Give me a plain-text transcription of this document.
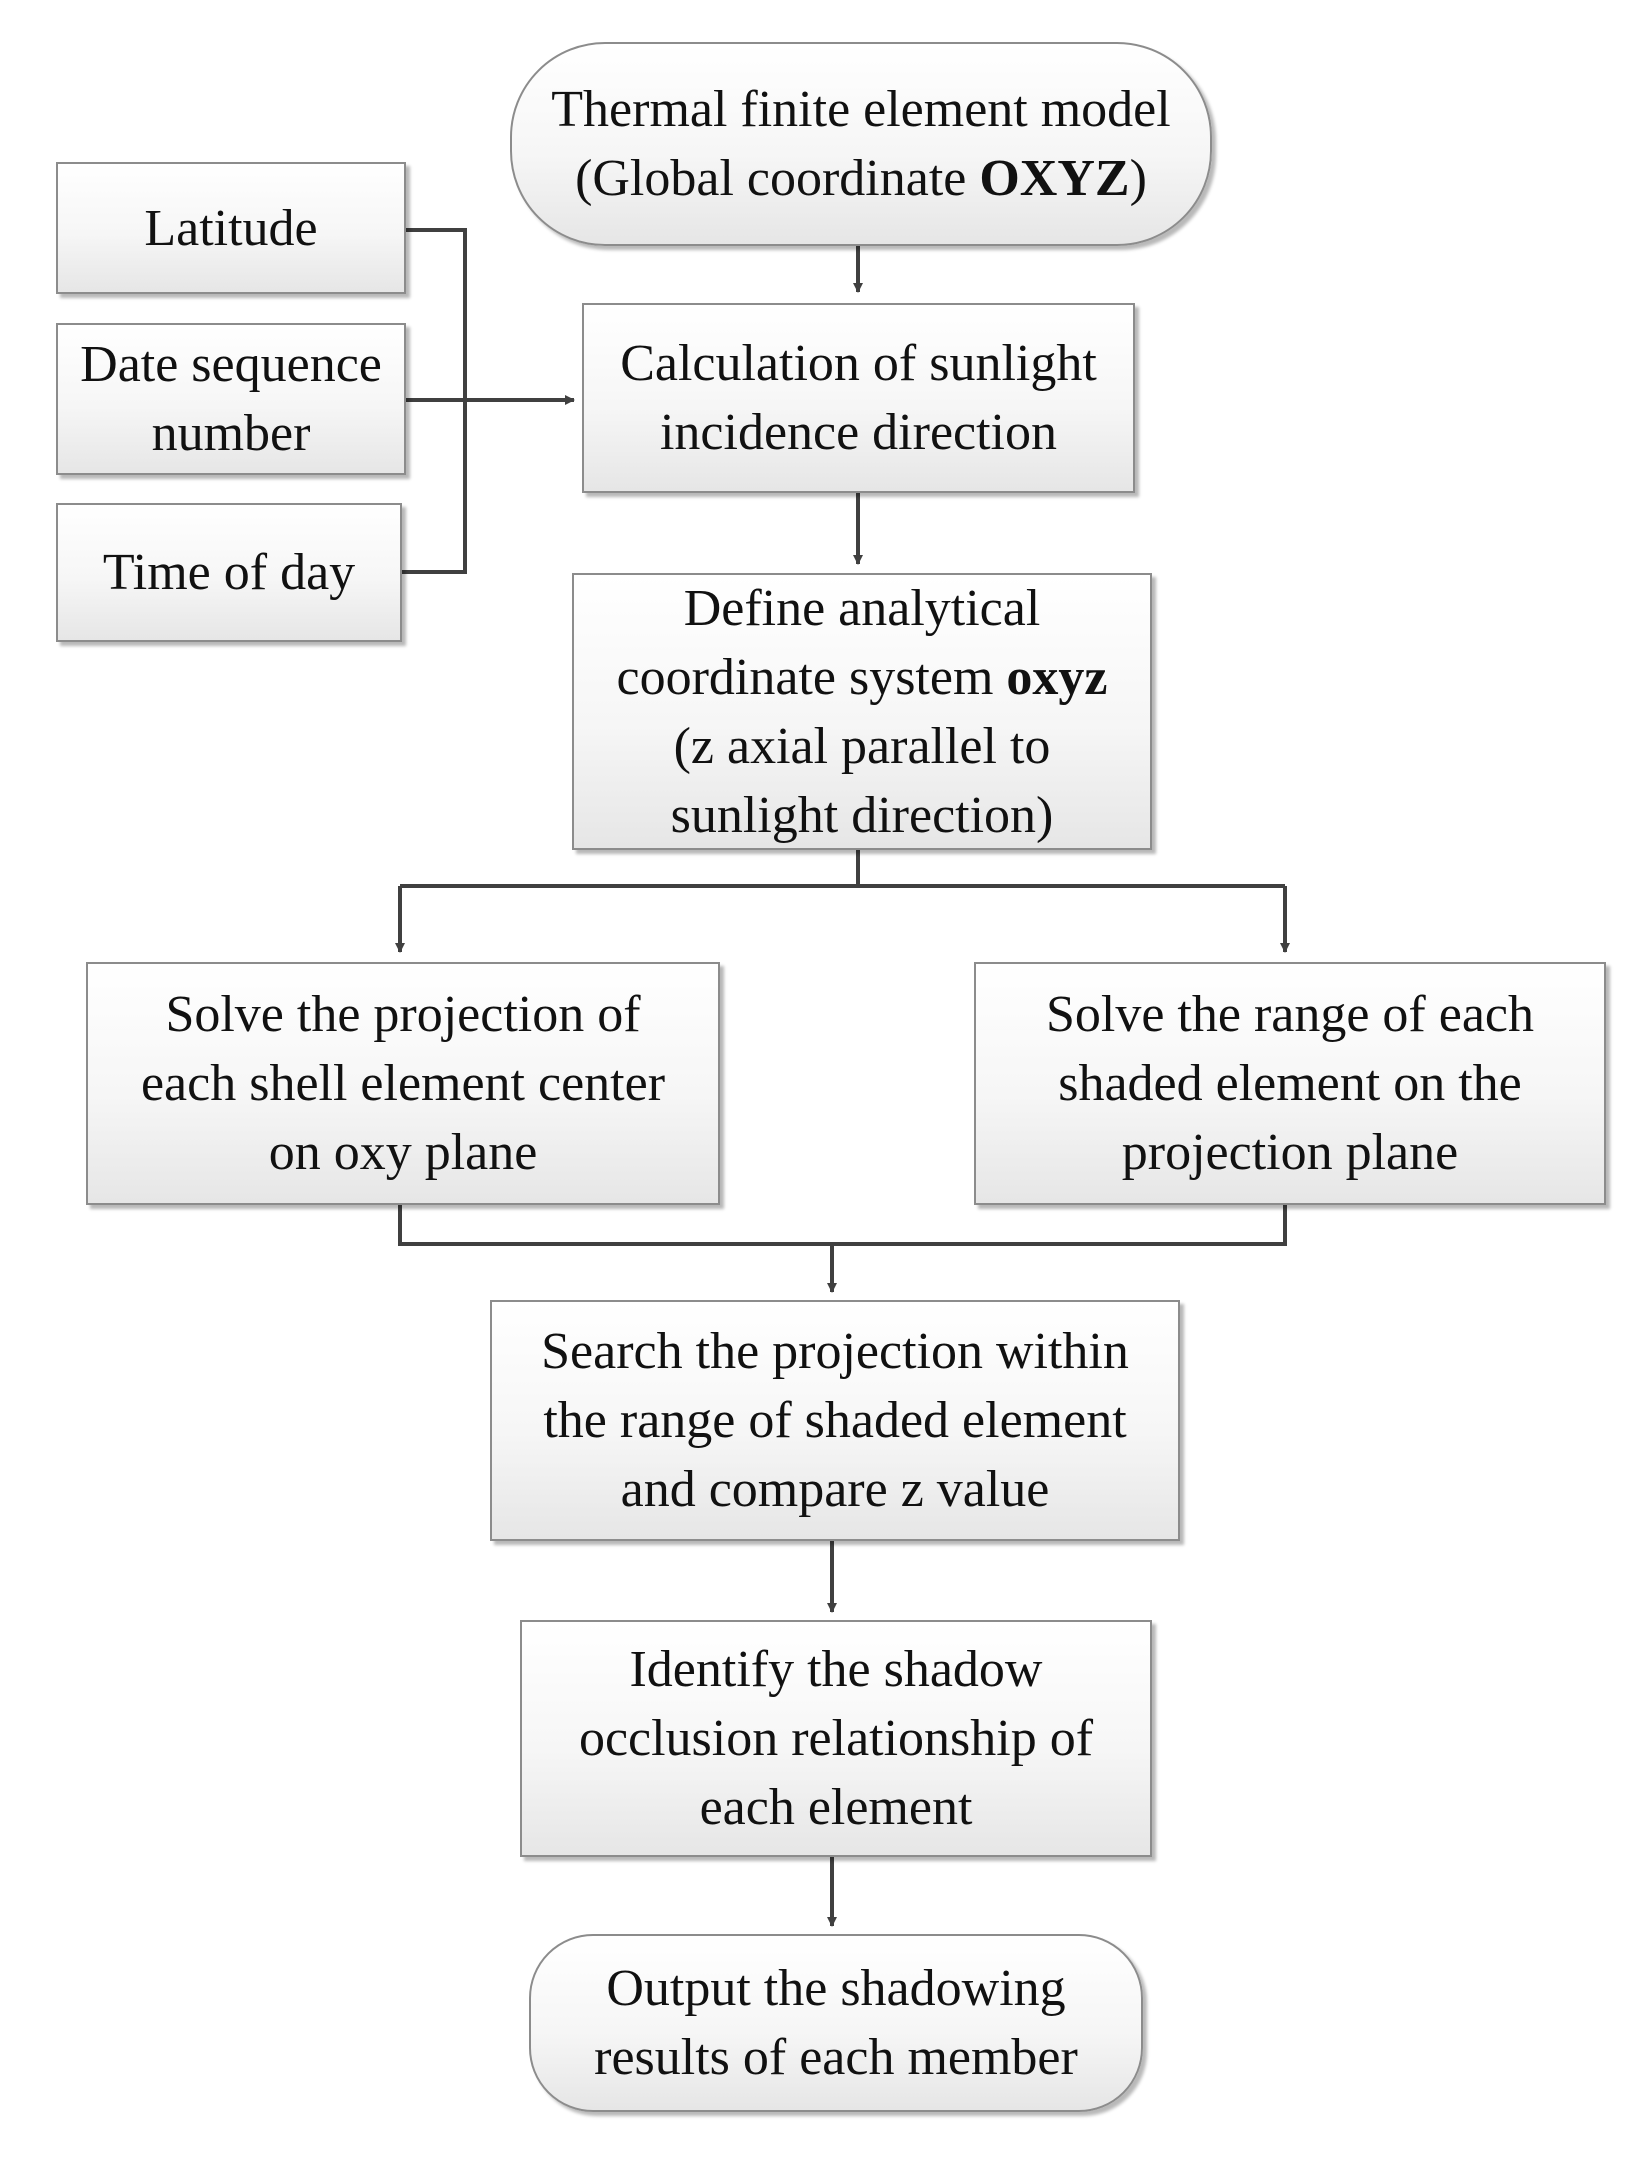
Thermal finite element model
(Global coordinate OXYZ)
Latitude
Date sequence
number
Time of day
Calculation of sunlight
incidence direction
Define analytical
coordinate system oxyz
(z axial parallel to
sunlight direction)
Solve the projection of
each shell element center
on oxy plane
Solve the range of each
shaded element on the
projection plane
Search the projection within
the range of shaded element
and compare z value
Identify the shadow
occlusion relationship of
each element
Output the shadowing
results of each member
